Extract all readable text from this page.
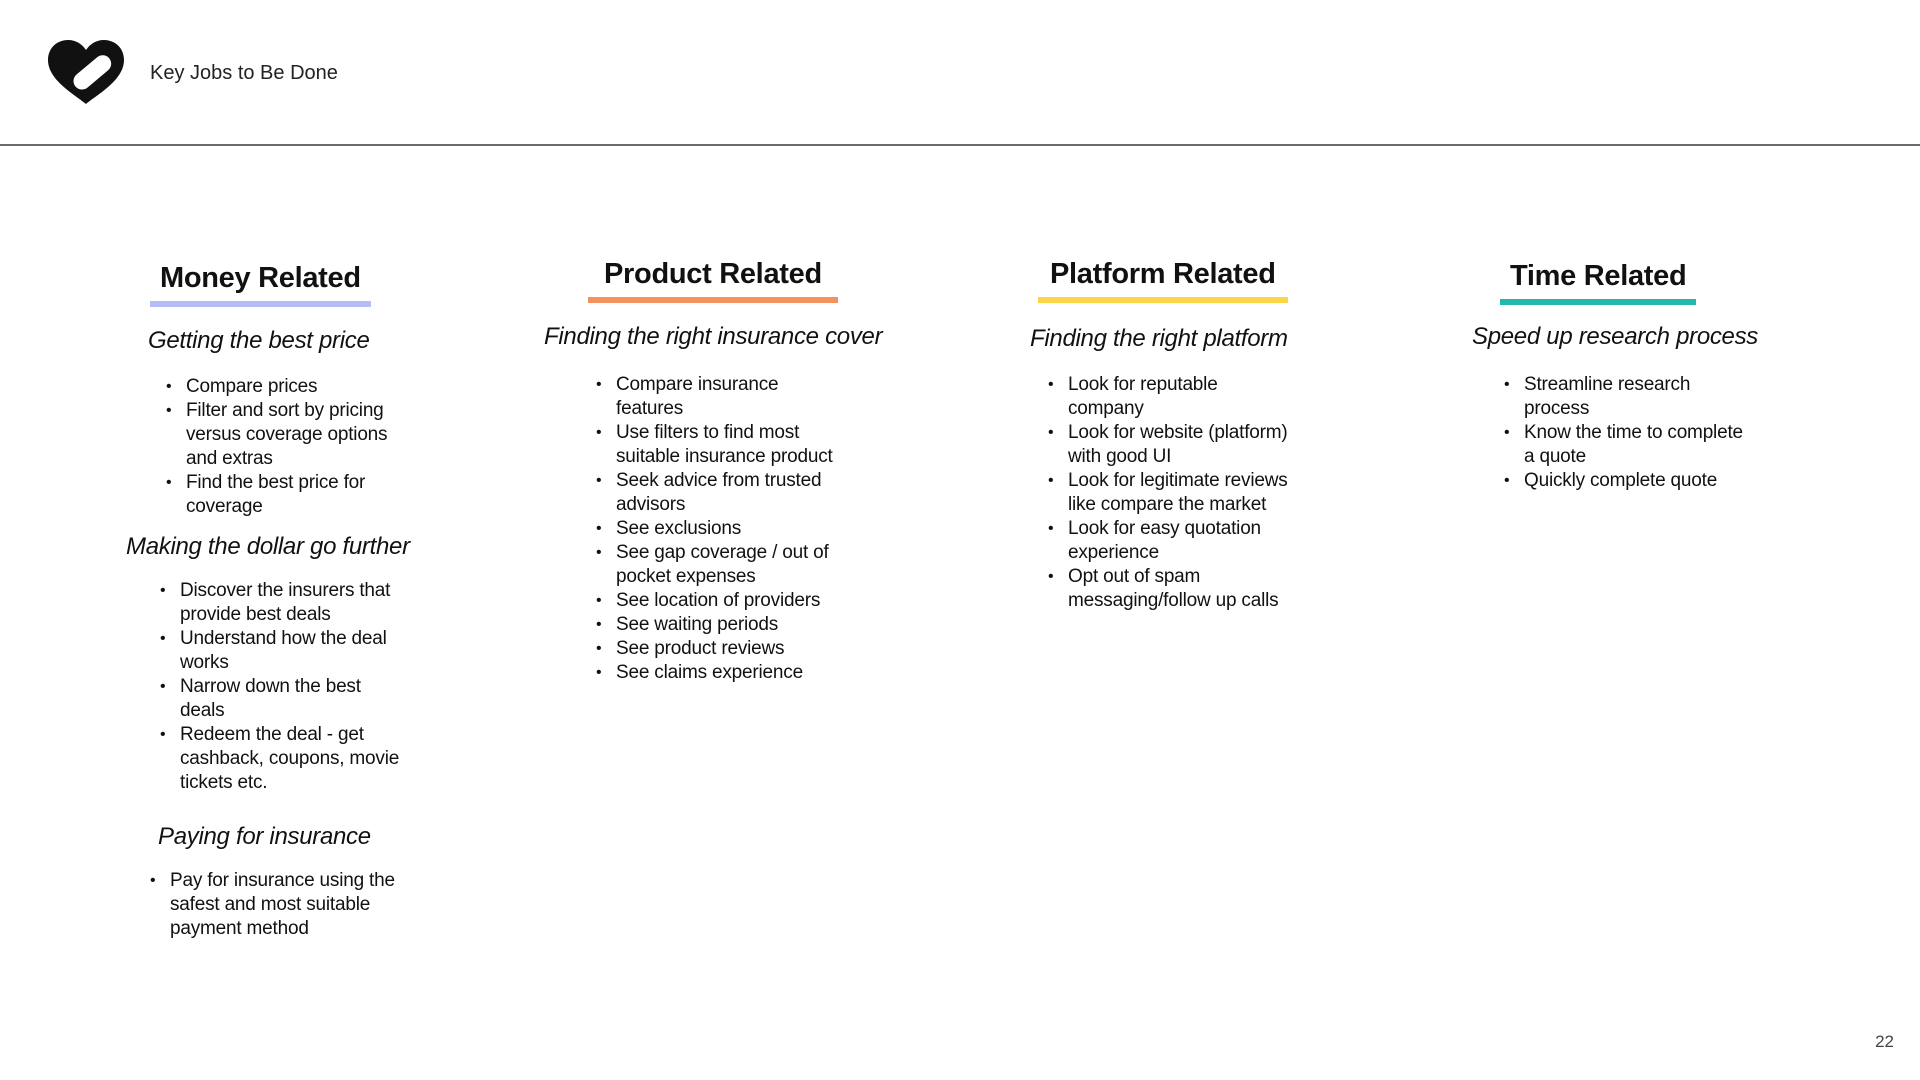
Key Jobs to Be Done
Money Related

Getting the best price

• Compare prices
• Filter and sort by pricing versus coverage options and extras
• Find the best price for coverage

Making the dollar go further

• Discover the insurers that provide best deals
• Understand how the deal works
• Narrow down the best deals
• Redeem the deal - get cashback, coupons, movie tickets etc.

Paying for insurance

• Pay for insurance using the safest and most suitable payment method
Product Related

Finding the right insurance cover

• Compare insurance features
• Use filters to find most suitable insurance product
• Seek advice from trusted advisors
• See exclusions
• See gap coverage / out of pocket expenses
• See location of providers
• See waiting periods
• See product reviews
• See claims experience
Platform Related

Finding the right platform

• Look for reputable company
• Look for website (platform) with good UI
• Look for legitimate reviews like compare the market
• Look for easy quotation experience
• Opt out of spam messaging/follow up calls
Time Related

Speed up research process

• Streamline research process
• Know the time to complete a quote
• Quickly complete quote
22
